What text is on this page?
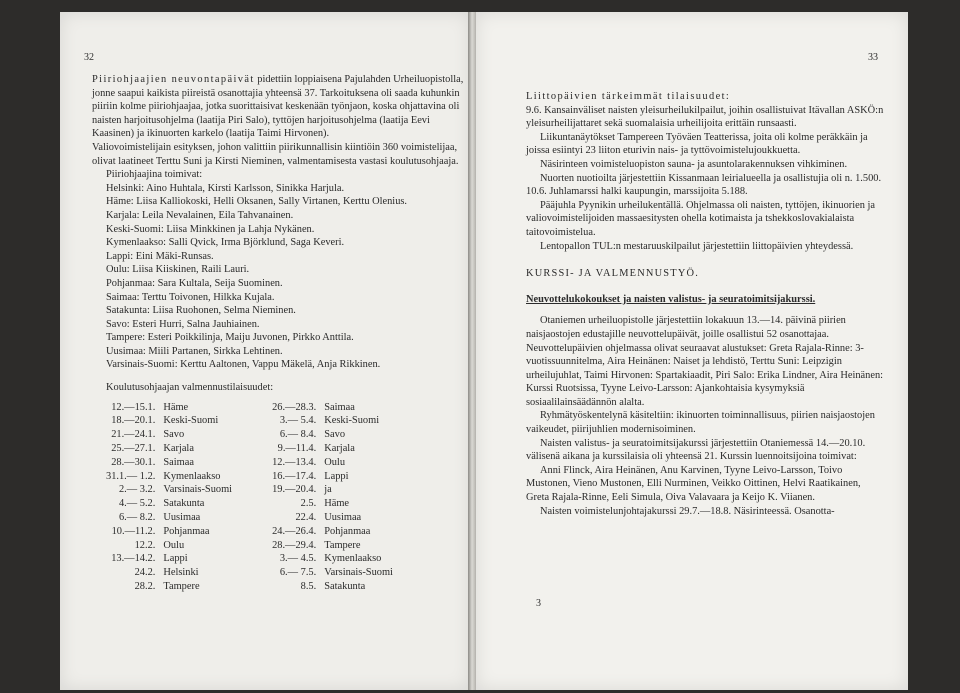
32

Piiriohjaajien neuvontapäivät pidettiin loppiaisena Pajulahden Urheiluopistolla, jonne saapui kaikista piireistä osanottajia yhteensä 37. Tarkoituksena oli saada kuhunkin piiriin kolme piiriohjaajaa, jotka suorittaisivat keskenään työnjaon, koska ohjattavina oli naisten harjoitusohjelma (laatija Piri Salo), tyttöjen harjoitusohjelma (laatija Eevi Kaasinen) ja ikinuorten karkelo (laatija Taimi Hirvonen).

Valiovoimistelijain esityksen, johon valittiin piirikunnallisin kiintiöin 360 voimistelijaa, olivat laatineet Terttu Suni ja Kirsti Nieminen, valmentamisesta vastasi koulutusohjaaja.

Piiriohjaajina toimivat:

Helsinki: Aino Huhtala, Kirsti Karlsson, Sinikka Harjula.

Häme: Liisa Kalliokoski, Helli Oksanen, Sally Virtanen, Kerttu Olenius.

Karjala: Leila Nevalainen, Eila Tahvanainen.

Keski-Suomi: Liisa Minkkinen ja Lahja Nykänen.

Kymenlaakso: Salli Qvick, Irma Björklund, Saga Keveri.

Lappi: Eini Mäki-Runsas.

Oulu: Liisa Kiiskinen, Raili Lauri.

Pohjanmaa: Sara Kultala, Seija Suominen.

Saimaa: Terttu Toivonen, Hilkka Kujala.

Satakunta: Liisa Ruohonen, Selma Nieminen.

Savo: Esteri Hurri, Salna Jauhiainen.

Tampere: Esteri Poikkilinja, Maiju Juvonen, Pirkko Anttila.

Uusimaa: Miili Partanen, Sirkka Lehtinen.

Varsinais-Suomi: Kerttu Aaltonen, Vappu Mäkelä, Anja Rikkinen.

Koulutusohjaajan valmennustilaisuudet:

12.—15.1.	Häme
18.—20.1.	Keski-Suomi
21.—24.1.	Savo
25.—27.1.	Karjala
28.—30.1.	Saimaa
31.1.— 1.2.	Kymenlaakso
2.— 3.2.	Varsinais-Suomi
4.— 5.2.	Satakunta
6.— 8.2.	Uusimaa
10.—11.2.	Pohjanmaa
12.2.	Oulu
13.—14.2.	Lappi
24.2.	Helsinki
28.2.	Tampere
26.—28.3.	Saimaa
3.— 5.4.	Keski-Suomi
6.— 8.4.	Savo
9.—11.4.	Karjala
12.—13.4.	Oulu
16.—17.4.	Lappi
19.—20.4.	ja
2.5.	Häme
22.4.	Uusimaa
24.—26.4.	Pohjanmaa
28.—29.4.	Tampere
3.— 4.5.	Kymenlaakso
6.— 7.5.	Varsinais-Suomi
8.5.	Satakunta
33

Liittopäivien tärkeimmät tilaisuudet:

9.6. Kansainväliset naisten yleisurheilukilpailut, joihin osallistuivat Itävallan ASKÖ:n yleisurheilijattaret sekä suomalaisia urheilijoita erittäin runsaasti.

Liikuntanäytökset Tampereen Työväen Teatterissa, joita oli kolme peräkkäin ja joissa esiintyi 23 liiton eturivin nais- ja tyttövoimistelujoukkuetta.

Näsirinteen voimisteluopiston sauna- ja asuntolarakennuksen vihkiminen.

Nuorten nuotioilta järjestettiin Kissanmaan leirialueella ja osallistujia oli n. 1.500.

10.6. Juhlamarssi halki kaupungin, marssijoita 5.188.

Pääjuhla Pyynikin urheilukentällä. Ohjelmassa oli naisten, tyttöjen, ikinuorien ja valiovoimistelijoiden massaesitysten ohella kotimaista ja tshekkoslovakialaista taitovoimistelua.

Lentopallon TUL:n mestaruuskilpailut järjestettiin liittopäivien yhteydessä.

KURSSI- JA VALMENNUSTYÖ.

Neuvottelukokoukset ja naisten valistus- ja seuratoimitsijakurssi.

Otaniemen urheiluopistolle järjestettiin lokakuun 13.—14. päivinä piirien naisjaostojen edustajille neuvottelupäivät, joille osallistui 52 osanottajaa. Neuvottelupäivien ohjelmassa olivat seuraavat alustukset: Greta Rajala-Rinne: 3-vuotissuunnitelma, Aira Heinänen: Naiset ja lehdistö, Terttu Suni: Leipzigin urheilujuhlat, Taimi Hirvonen: Spartakiaadit, Piri Salo: Erika Lindner, Aira Heinänen: Kurssi Ruotsissa, Tyyne Leivo-Larsson: Ajankohtaisia kysymyksiä sosiaalilainsäädännön alalta.

Ryhmätyöskentelynä käsiteltiin: ikinuorten toiminnallisuus, piirien naisjaostojen vaikeudet, piirijuhlien modernisoiminen.

Naisten valistus- ja seuratoimitsijakurssi järjestettiin Otaniemessä 14.—20.10. välisenä aikana ja kurssilaisia oli yhteensä 21. Kurssin luennoitsijoina toimivat:

Anni Flinck, Aira Heinänen, Anu Karvinen, Tyyne Leivo-Larsson, Toivo Mustonen, Vieno Mustonen, Elli Nurminen, Veikko Oittinen, Helvi Raatikainen, Greta Rajala-Rinne, Eeli Simula, Oiva Valavaara ja Keijo K. Viianen.

Naisten voimistelunjohtajakurssi 29.7.—18.8. Näsirinteessä. Osanotta-

3
